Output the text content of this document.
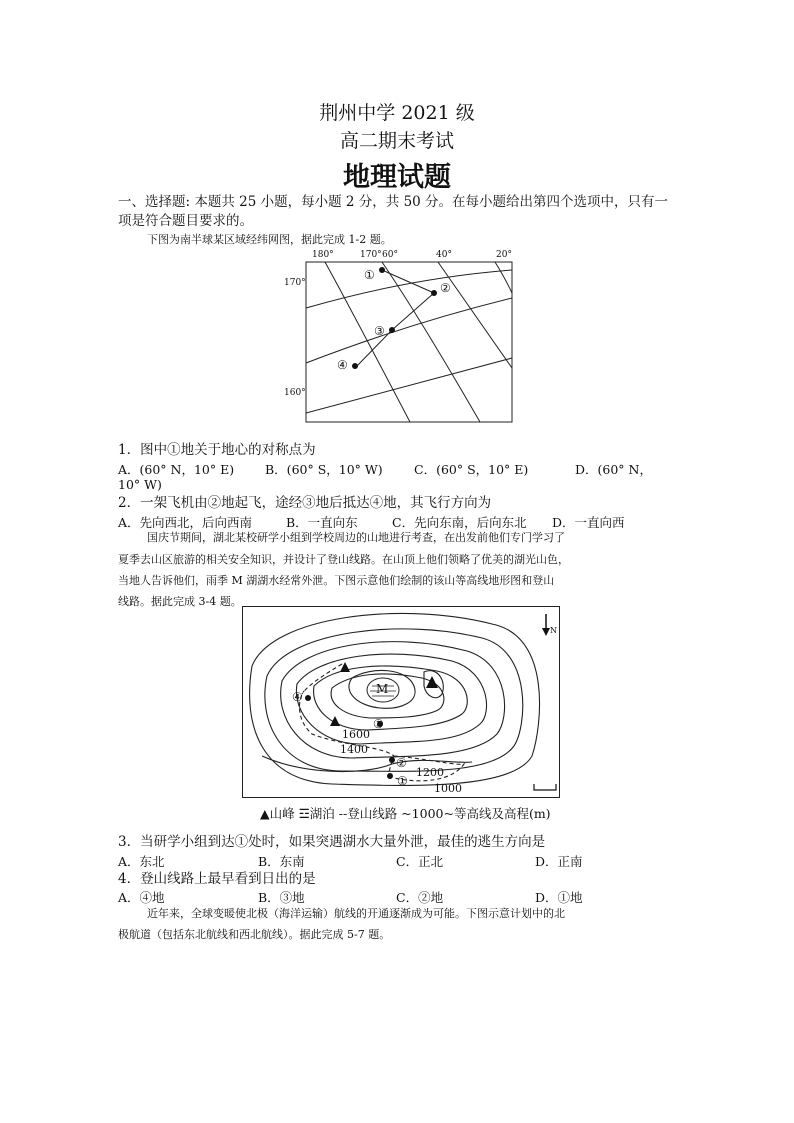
荆州中学 2021 级
高二期末考试
地理试题
一、选择题: 本题共 25 小题，每小题 2 分，共 50 分。在每小题给出第四个选项中，只有一
项是符合题目要求的。
下图为南半球某区域经纬网图，据此完成 1-2 题。
180°	170° 60°	40°	20°
170°
160°
①
②
③
④
1．图中①地关于地心的对称点为
A．(60° N，10° E) B．(60° S，10° W)	C．(60° S，10° E)	D．(60° N，
10° W)
2．一架飞机由②地起飞，途经③地后抵达④地，其飞行方向为
A．先向西北，后向西南	B．一直向东	C．先向东南，后向东北 D．一直向西
国庆节期间，湖北某校研学小组到学校周边的山地进行考查，在出发前他们专门学习了
夏季去山区旅游的相关安全知识，并设计了登山线路。在山顶上他们领略了优美的湖光山色，
当地人告诉他们，雨季 M 湖湖水经常外泄。下图示意他们绘制的该山等高线地形图和登山
线路。据此完成 3-4 题。
M
N
1600
1400
1200
1000
①
②
③
④
▲山峰 ☲湖泊 --登山线路 ~1000~等高线及高程(m)
3．当研学小组到达①处时，如果突遇湖水大量外泄，最佳的逃生方向是
A．东北	B．东南	C．正北	D．正南
4．登山线路上最早看到日出的是
A．④地	B．③地	C．②地	D．①地
近年来，全球变暖使北极（海洋运输）航线的开通逐渐成为可能。下图示意计划中的北
极航道（包括东北航线和西北航线）。据此完成 5-7 题。
